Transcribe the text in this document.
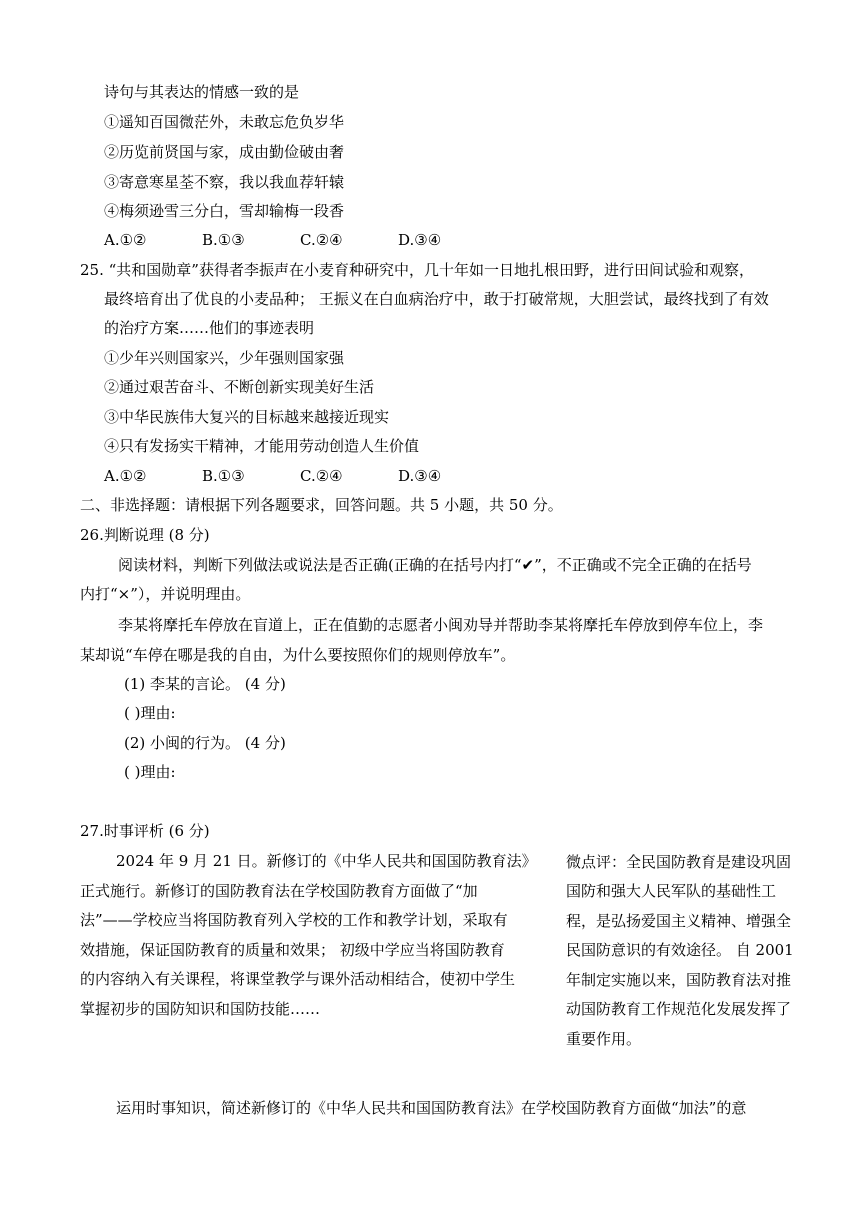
诗句与其表达的情感一致的是
①遥知百国微茫外，未敢忘危负岁华
②历览前贤国与家，成由勤俭破由奢
③寄意寒星荃不察，我以我血荐轩辕
④梅须逊雪三分白，雪却输梅一段香
A.①②	B.①③	C.②④	D.③④
25. “共和国勋章”获得者李振声在小麦育种研究中，几十年如一日地扎根田野，进行田间试验和观察，
最终培育出了优良的小麦品种； 王振义在白血病治疗中，敢于打破常规，大胆尝试，最终找到了有效
的治疗方案……他们的事迹表明
①少年兴则国家兴，少年强则国家强
②通过艰苦奋斗、不断创新实现美好生活
③中华民族伟大复兴的目标越来越接近现实
④只有发扬实干精神，才能用劳动创造人生价值
A.①②	B.①③	C.②④	D.③④
二、非选择题：请根据下列各题要求，回答问题。共 5 小题，共 50 分。
26.判断说理 (8 分)
阅读材料，判断下列做法或说法是否正确(正确的在括号内打“✔”，不正确或不完全正确的在括号
内打“×”），并说明理由。
李某将摩托车停放在盲道上，正在值勤的志愿者小闽劝导并帮助李某将摩托车停放到停车位上，李
某却说“车停在哪是我的自由，为什么要按照你们的规则停放车”。
(1) 李某的言论。 (4 分)
( )理由:
(2) 小闽的行为。 (4 分)
( )理由:
27.时事评析 (6 分)
2024 年 9 月 21 日。新修订的《中华人民共和国国防教育法》
正式施行。新修订的国防教育法在学校国防教育方面做了“加
法”——学校应当将国防教育列入学校的工作和教学计划，采取有
效措施，保证国防教育的质量和效果； 初级中学应当将国防教育
的内容纳入有关课程，将课堂教学与课外活动相结合，使初中学生
掌握初步的国防知识和国防技能……
微点评：全民国防教育是建设巩固
国防和强大人民军队的基础性工
程，是弘扬爱国主义精神、增强全
民国防意识的有效途径。 自 2001
年制定实施以来，国防教育法对推
动国防教育工作规范化发展发挥了
重要作用。
运用时事知识，简述新修订的《中华人民共和国国防教育法》在学校国防教育方面做“加法”的意
